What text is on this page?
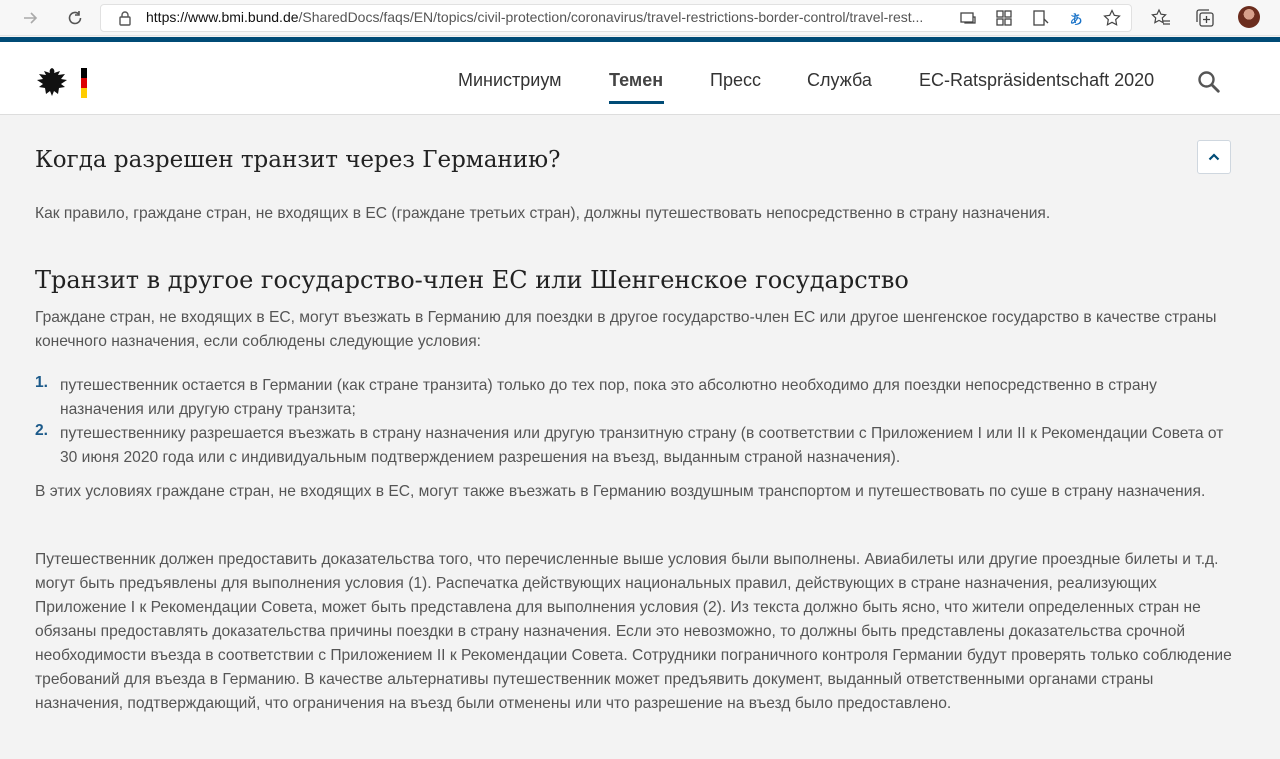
https://www.bmi.bund.de/SharedDocs/faqs/EN/topics/civil-protection/coronavirus/travel-restrictions-border-control/travel-rest...	あ
Министриум	Темен	Пресс	Служба	EC-Ratspräsidentschaft 2020
Когда разрешен транзит через Германию?
Как правило, граждане стран, не входящих в ЕС (граждане третьих стран), должны путешествовать непосредственно в страну назначения.
Транзит в другое государство-член ЕС или Шенгенское государство
Граждане стран, не входящих в ЕС, могут въезжать в Германию для поездки в другое государство-член ЕС или другое шенгенское государство в качестве страны конечного назначения, если соблюдены следующие условия:
1. путешественник остается в Германии (как стране транзита) только до тех пор, пока это абсолютно необходимо для поездки непосредственно в страну назначения или другую страну транзита;
2. путешественнику разрешается въезжать в страну назначения или другую транзитную страну (в соответствии с Приложением I или II к Рекомендации Совета от 30 июня 2020 года или с индивидуальным подтверждением разрешения на въезд, выданным страной назначения).
В этих условиях граждане стран, не входящих в ЕС, могут также въезжать в Германию воздушным транспортом и путешествовать по суше в страну назначения.
Путешественник должен предоставить доказательства того, что перечисленные выше условия были выполнены. Авиабилеты или другие проездные билеты и т.д. могут быть предъявлены для выполнения условия (1). Распечатка действующих национальных правил, действующих в стране назначения, реализующих Приложение I к Рекомендации Совета, может быть представлена для выполнения условия (2). Из текста должно быть ясно, что жители определенных стран не обязаны предоставлять доказательства причины поездки в страну назначения. Если это невозможно, то должны быть представлены доказательства срочной необходимости въезда в соответствии с Приложением II к Рекомендации Совета. Сотрудники пограничного контроля Германии будут проверять только соблюдение требований для въезда в Германию. В качестве альтернативы путешественник может предъявить документ, выданный ответственными органами страны назначения, подтверждающий, что ограничения на въезд были отменены или что разрешение на въезд было предоставлено.
